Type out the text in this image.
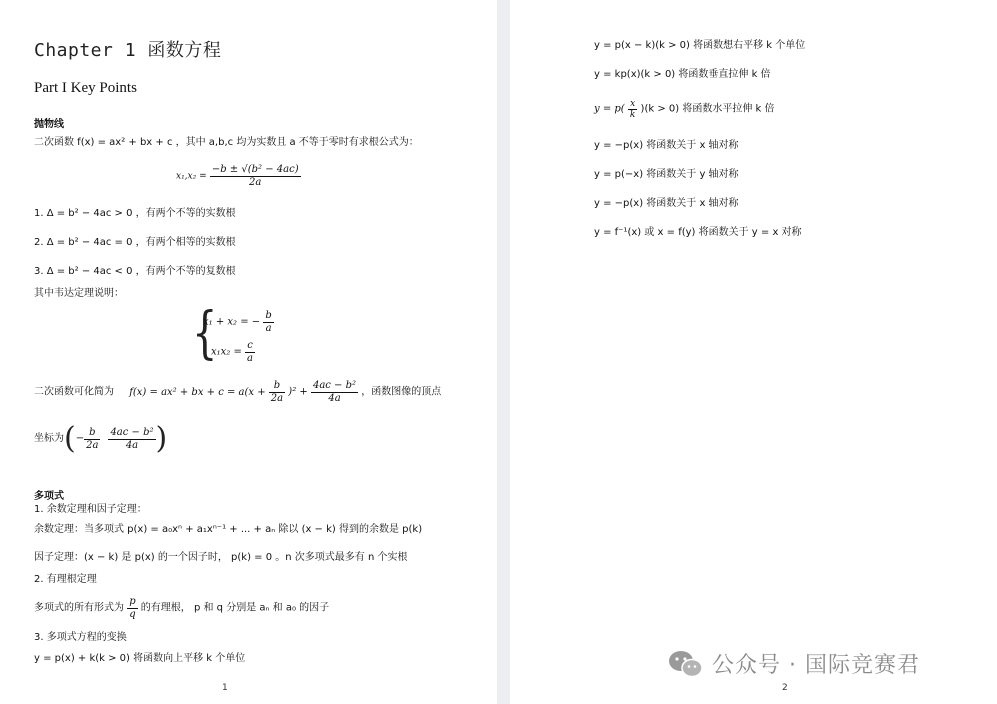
Chapter 1 函数方程
Part I Key Points
抛物线
二次函数 f(x) = ax² + bx + c ，其中 a,b,c 均为实数且 a 不等于零时有求根公式为：
$x_1,x_2 = \frac{\text{−b ± √(b² − 4ac)}}{2a}$
1. Δ = b² − 4ac > 0 ，有两个不等的实数根
2. Δ = b² − 4ac = 0 ，有两个相等的实数根
3. Δ = b² − 4ac < 0 ，有两个不等的复数根
其中韦达定理说明：
{
x₁ + x₂ = − $\frac{b}{a}$
$x_1x_2 = \frac{c}{a}$
二次函数可化简为 f(x) = ax² + bx + $c = a(x + \frac{b}{2a} )^2 + \frac{\text{4ac − b²}}{4a}$ ，函数图像的顶点
坐标为 ( − $\frac{b}{2a} \frac{\text{4ac − b²}}{4a}$ )
多项式
1. 余数定理和因子定理：
余数定理：当多项式 p(x) = a₀xⁿ + a₁xⁿ⁻¹ + ... + aₙ 除以 (x − k) 得到的余数是 p(k)
因子定理：(x − k) 是 p(x) 的一个因子时， p(k) = 0 。n 次多项式最多有 n 个实根
2. 有理根定理
多项式的所有形式为 $\frac{p}{q}$ 的有理根， p 和 q 分别是 aₙ 和 a₀ 的因子
3. 多项式方程的变换
y = p(x) + k(k > 0) 将函数向上平移 k 个单位
1
y = p(x − k)(k > 0) 将函数想右平移 k 个单位
y = kp(x)(k > 0) 将函数垂直拉伸 k 倍
$y = p( \frac{x}{k} )(k > 0)$ 将函数水平拉伸 k 倍
y = −p(x) 将函数关于 x 轴对称
y = p(−x) 将函数关于 y 轴对称
y = −p(x) 将函数关于 x 轴对称
y = f⁻¹(x) 或 x = f(y) 将函数关于 y = x 对称
2
公众号 · 国际竞赛君
